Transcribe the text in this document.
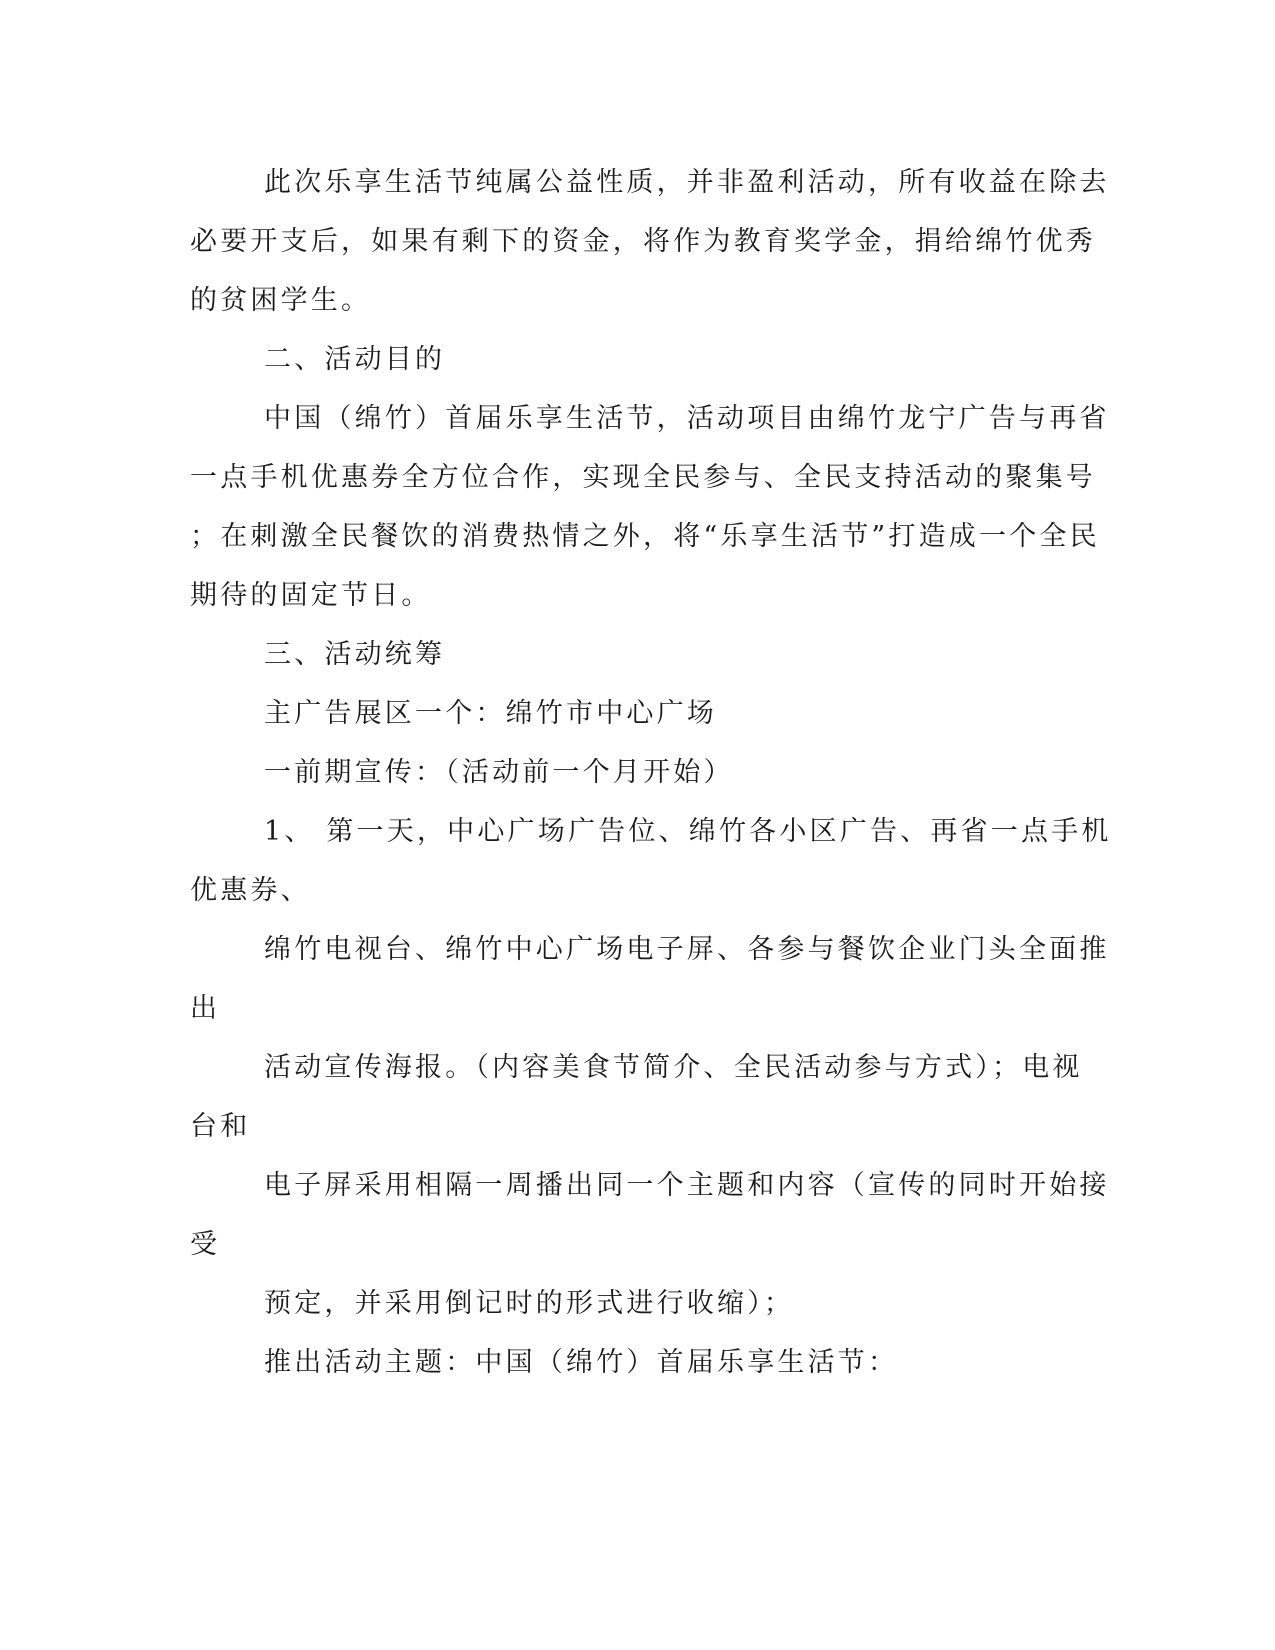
此次乐享生活节纯属公益性质，并非盈利活动，所有收益在除去
必要开支后，如果有剩下的资金，将作为教育奖学金，捐给绵竹优秀
的贫困学生。
二、活动目的
中国（绵竹）首届乐享生活节，活动项目由绵竹龙宁广告与再省
一点手机优惠券全方位合作，实现全民参与、全民支持活动的聚集号
；在刺激全民餐饮的消费热情之外，将“乐享生活节”打造成一个全民
期待的固定节日。
三、活动统筹
主广告展区一个：绵竹市中心广场
一前期宣传：（活动前一个月开始）
1、 第一天，中心广场广告位、绵竹各小区广告、再省一点手机
优惠券、
绵竹电视台、绵竹中心广场电子屏、各参与餐饮企业门头全面推
出
活动宣传海报。（内容美食节简介、全民活动参与方式）；电视
台和
电子屏采用相隔一周播出同一个主题和内容（宣传的同时开始接
受
预定，并采用倒记时的形式进行收缩）；
推出活动主题：中国（绵竹）首届乐享生活节：
